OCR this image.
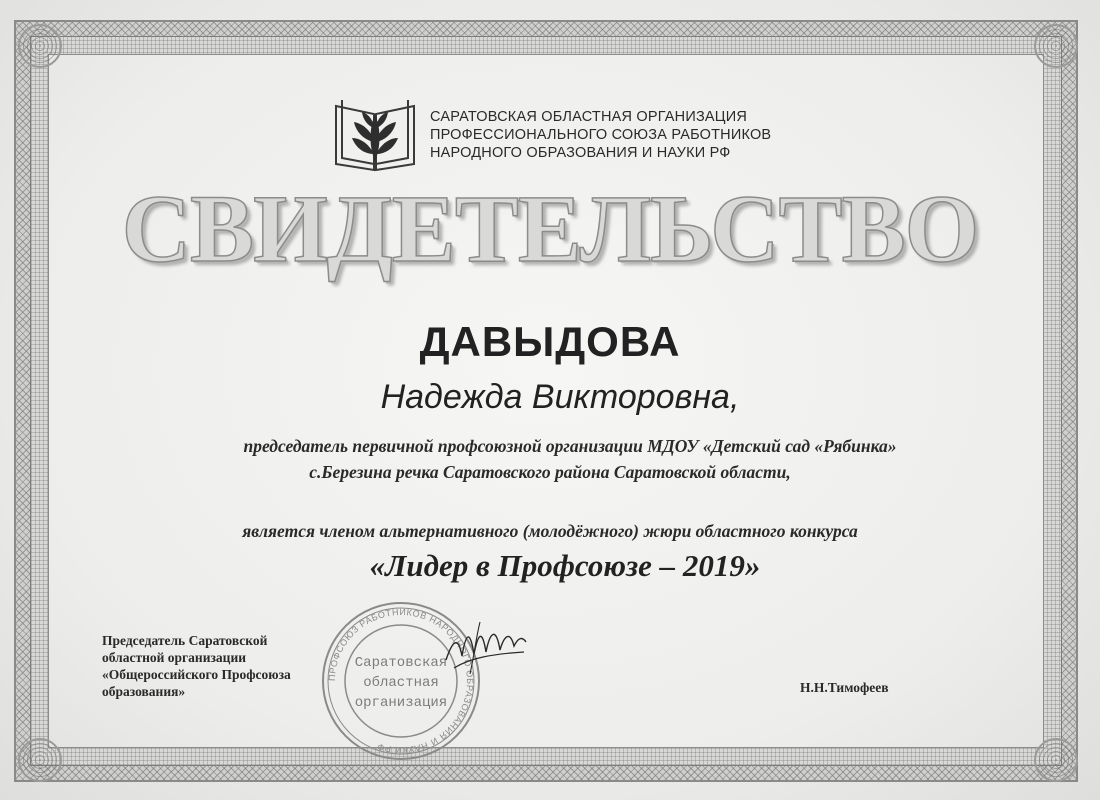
САРАТОВСКАЯ ОБЛАСТНАЯ ОРГАНИЗАЦИЯ
ПРОФЕССИОНАЛЬНОГО СОЮЗА РАБОТНИКОВ
НАРОДНОГО ОБРАЗОВАНИЯ И НАУКИ РФ
СВИДЕТЕЛЬСТВО
ДАВЫДОВА
Надежда Викторовна,
председатель первичной профсоюзной организации МДОУ «Детский сад «Рябинка»
с.Березина речка Саратовского района Саратовской области,
является членом альтернативного (молодёжного) жюри областного конкурса
«Лидер в Профсоюзе – 2019»
Председатель Саратовской
областной организации
«Общероссийского Профсоюза
образования»
ПРОФСОЮЗ РАБОТНИКОВ НАРОДНОГО ОБРАЗОВАНИЯ И НАУКИ РФ
Саратовская
областная
организация
Н.Н.Тимофеев
